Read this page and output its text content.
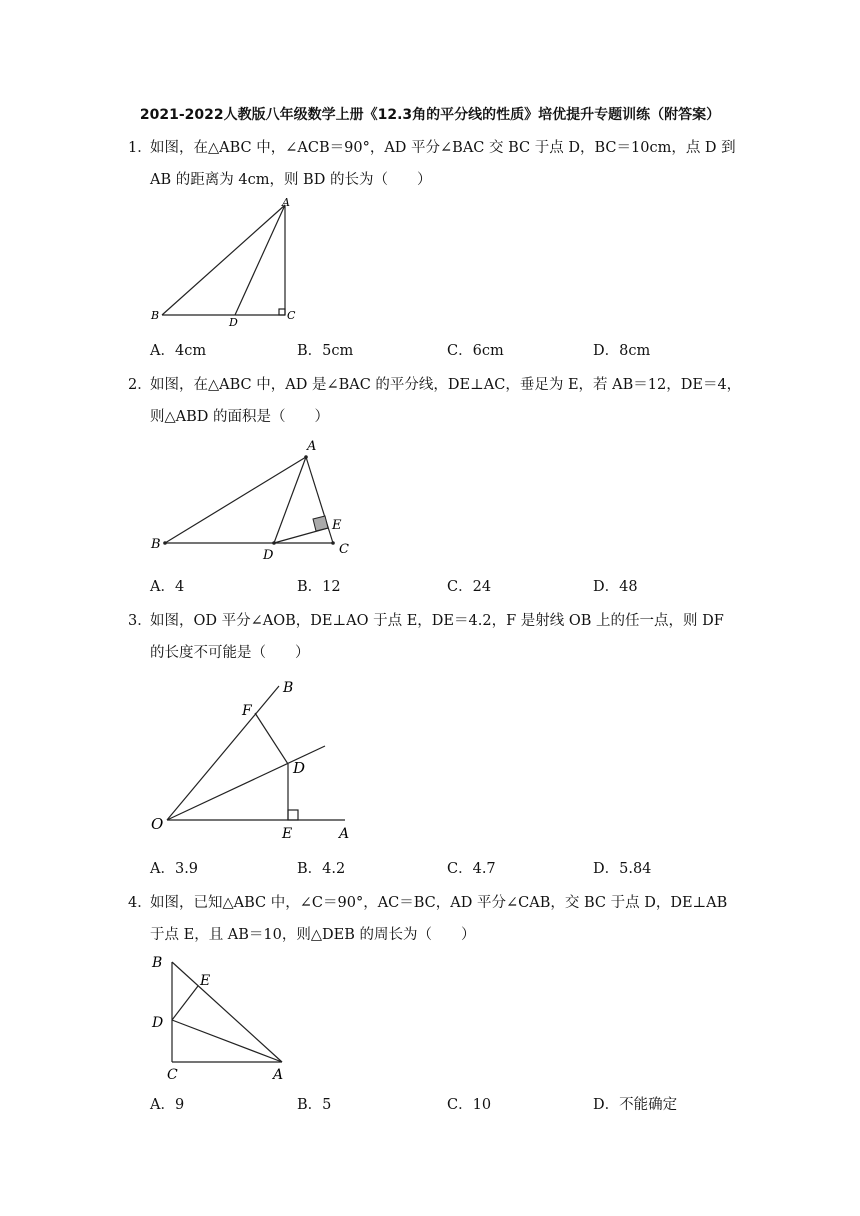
2021-2022人教版八年级数学上册《12.3角的平分线的性质》培优提升专题训练（附答案）
1．
如图，在△ABC 中，∠ACB＝90°，AD 平分∠BAC 交 BC 于点 D，BC＝10cm，点 D 到
AB 的距离为 4cm，则 BD 的长为（　　）
A
B	C
D
A．4cm	B．5cm	C．6cm	D．8cm
2．
如图，在△ABC 中，AD 是∠BAC 的平分线，DE⊥AC，垂足为 E，若 AB＝12，DE＝4，
则△ABD 的面积是（　　）
A
B	C
D
E
A．4	B．12	C．24	D．48
3．
如图，OD 平分∠AOB，DE⊥AO 于点 E，DE＝4.2，F 是射线 OB 上的任一点，则 DF
的长度不可能是（　　）
O
A
B
D
E
F
A．3.9	B．4.2	C．4.7	D．5.84
4．
如图，已知△ABC 中，∠C＝90°，AC＝BC，AD 平分∠CAB，交 BC 于点 D，DE⊥AB
于点 E，且 AB＝10，则△DEB 的周长为（　　）
B
D
C	A
E
A．9	B．5	C．10	D．不能确定
